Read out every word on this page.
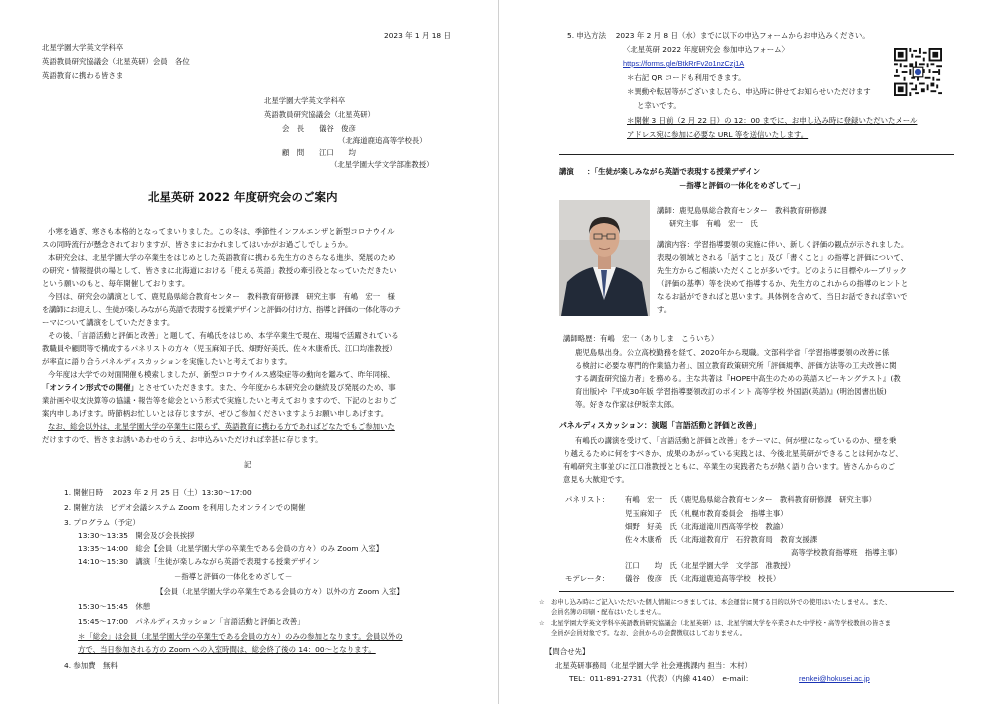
2023 年 1 月 18 日
北星学園大学英文学科卒
英語教員研究協議会（北星英研）会員　各位
英語教育に携わる皆さま
北星学園大学英文学科卒
英語教員研究協議会（北星英研）
会　長　　儀谷　俊彦
（北海道鹿追高等学校長）
顧　問　　江口　　均
（北星学園大学文学部准教授）
北星英研 2022 年度研究会のご案内
小寒を過ぎ、寒さも本格的となってまいりました。この冬は、季節性インフルエンザと新型コロナウイル
スの同時流行が懸念されておりますが、皆さまにおかれましてはいかがお過ごしでしょうか。
本研究会は、北星学園大学の卒業生をはじめとした英語教育に携わる先生方のさらなる進歩、発展のため
の研究・情報提供の場として、皆さまに北海道における「使える英語」教授の牽引役となっていただきたい
という願いのもと、毎年開催しております。
今回は、研究会の講演として、鹿児島県総合教育センター　教科教育研修課　研究主事　有嶋　宏一　様
を講師にお迎えし、生徒が楽しみながら英語で表現する授業デザインと評価の付け方、指導と評価の一体化等のテ
ーマについて講演をしていただきます。
その後、「言語活動と評価と改善」と題して、有嶋氏をはじめ、本学卒業生で現在、現場で活躍されている
教職員や顧問等で構成するパネリストの方々（児玉麻知子氏、畑野好美氏、佐々木康希氏、江口均准教授）
が率直に語り合うパネルディスカッションを実施したいと考えております。
今年度は大学での対面開催も模索しましたが、新型コロナウイルス感染症等の動向を鑑みて、昨年同様、
「オンライン形式での開催」とさせていただきます。また、今年度から本研究会の継続及び発展のため、事
業計画や収支決算等の協議・報告等を総会という形式で実施したいと考えておりますので、下記のとおりご
案内申しあげます。時節柄お忙しいとは存じますが、ぜひご参加くださいますようお願い申しあげます。
なお、総会以外は、北星学園大学の卒業生に限らず、英語教育に携わる方であればどなたでもご参加いた
だけますので、皆さまお誘いあわせのうえ、お申込みいただければ幸甚に存じます。
記
1. 開催日時　 2023 年 2 月 25 日（土）13:30～17:00
2. 開催方法　ビデオ会議システム Zoom を利用したオンラインでの開催
3. プログラム（予定）
13:30～13:35　開会及び会長挨拶
13:35～14:00　総会【会員（北星学園大学の卒業生である会員の方々）のみ Zoom 入室】
14:10～15:30　講演「生徒が楽しみながら英語で表現する授業デザイン
－指導と評価の一体化をめざして－
【会員（北星学園大学の卒業生である会員の方々）以外の方 Zoom 入室】
15:30～15:45　休憩
15:45～17:00　パネルディスカッション「言語活動と評価と改善」
＊「総会」は会員（北星学園大学の卒業生である会員の方々）のみの参加となります。会員以外の
方で、当日参加される方の Zoom への入室時間は、総会終了後の 14：00～となります。
4. 参加費　無料
5. 申込方法　 2023 年 2 月 8 日（水）までに以下の申込フォームからお申込みください。
〈北星英研 2022 年度研究会 参加申込フォーム〉
https://forms.gle/BtkRrFv2o1nzCzj1A
＊右記 QR コードも利用できます。
＊異動や転居等がございましたら、申込時に併せてお知らせいただけます
と幸いです。
＊開催 3 日前（2 月 22 日）の 12：00 までに、お申し込み時に登録いただいたメール
アドレス宛に参加に必要な URL 等を送信いたします。
講演 ：「生徒が楽しみながら英語で表現する授業デザイン
－指導と評価の一体化をめざして－」
講師：鹿児島県総合教育センター　教科教育研修課
研究主事　有嶋　宏一　氏
講演内容：学習指導要領の実施に伴い、新しく評価の観点が示されました。
表現の領域とされる「話すこと」及び「書くこと」の指導と評価について、
先生方からご相談いただくことが多いです。どのように目標やルーブリック
（評価の基準）等を決めて指導するか、先生方のこれからの指導のヒントと
なるお話ができればと思います。具体例を含めて、当日お話できれば幸いで
す。
講師略歴：有嶋　宏一（ありしま　こういち）
鹿児島県出身。公立高校勤務を経て、2020年から現職。文部科学省「学習指導要領の改善に係
る検討に必要な専門的作業協力者」、国立教育政策研究所「評価規準、評価方法等の工夫改善に関
する調査研究協力者」を務める。主な共著は『HOPE中高生のための英語スピーキングテスト』(教
育出版)や『平成30年版 学習指導要領改訂のポイント 高等学校 外国語(英語)』(明治図書出版)
等。好きな作家は伊坂幸太郎。
パネルディスカッション：演題「言語活動と評価と改善」
有嶋氏の講演を受けて、「言語活動と評価と改善」をテーマに、何が壁になっているのか、壁を乗
り越えるために何をすべきか、成果のあがっている実践とは、今後北星英研ができることは何かなど、
有嶋研究主事並びに江口准教授とともに、卒業生の実践者たちが熱く語り合います。皆さんからのご
意見も大歓迎です。
パネリスト： 有嶋　宏一　氏（鹿児島県総合教育センター　教科教育研修課　研究主事）
児玉麻知子　氏（札幌市教育委員会　指導主事）
畑野　好美　氏（北海道滝川西高等学校　教諭）
佐々木康希　氏（北海道教育庁　石狩教育局　教育支援課
高等学校教育指導班　指導主事）
江口　　均　氏（北星学園大学　文学部　准教授）
モデレータ： 儀谷　俊彦　氏（北海道鹿追高等学校　校長）
☆　お申し込み時にご記入いただいた個人情報につきましては、本会運営に関する目的以外での使用はいたしません。また、
会員名簿の印刷・配布はいたしません。
☆　北星学園大学英文学科卒英語教員研究協議会（北星英研）は、北星学園大学を卒業された中学校・高等学校教員の皆さま
全員が会員対象です。なお、会員からの会費徴収はしておりません。
【問合せ先】
北星英研事務局（北星学園大学 社会連携課内 担当：木村）
TEL：011-891-2731（代表）（内線 4140）　e-mail：	renkei@hokusei.ac.jp
